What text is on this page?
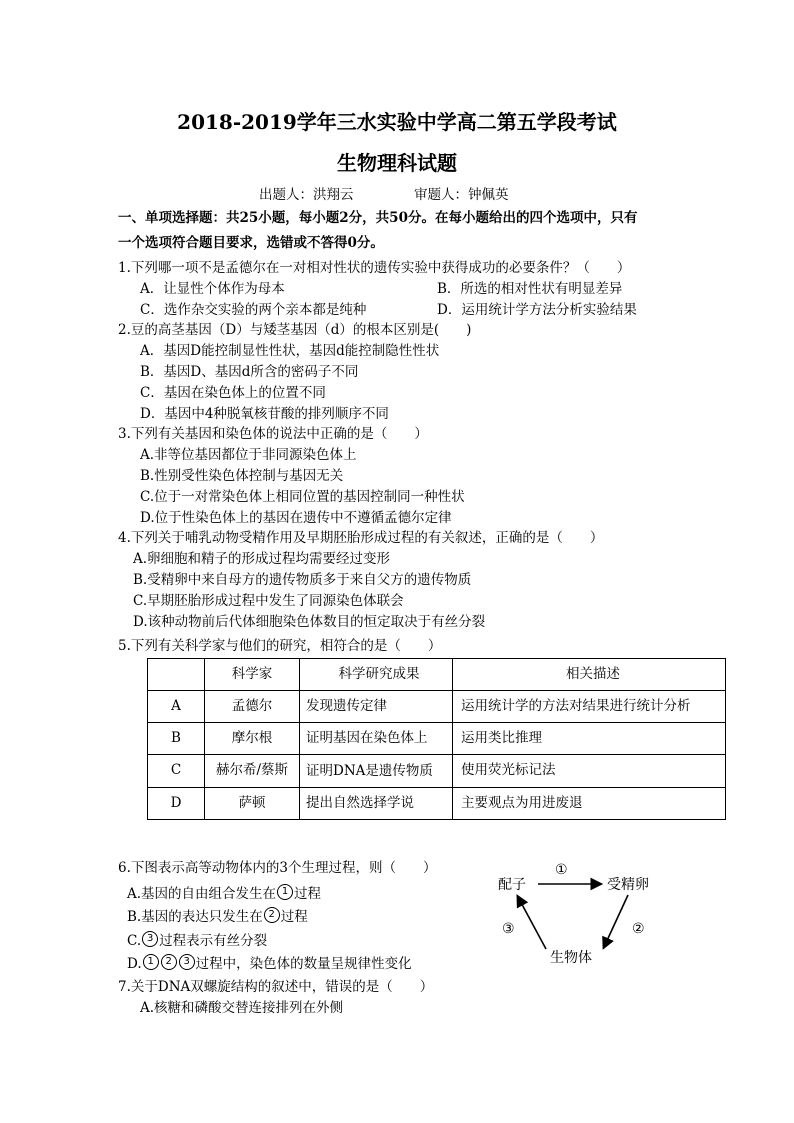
2018-2019学年三水实验中学高二第五学段考试
生物理科试题
出题人：洪翔云	审题人：钟佩英
一、单项选择题：共25小题，每小题2分，共50分。在每小题给出的四个选项中，只有
一个选项符合题目要求，选错或不答得0分。
1.下列哪一项不是孟德尔在一对相对性状的遗传实验中获得成功的必要条件？（　　）
A．让显性个体作为母本	B．所选的相对性状有明显差异
C．选作杂交实验的两个亲本都是纯种	D．运用统计学方法分析实验结果
2.豆的高茎基因（D）与矮茎基因（d）的根本区别是(　　)
A．基因D能控制显性性状，基因d能控制隐性性状
B．基因D、基因d所含的密码子不同
C．基因在染色体上的位置不同
D．基因中4种脱氧核苷酸的排列顺序不同
3.下列有关基因和染色体的说法中正确的是（　　）
A.非等位基因都位于非同源染色体上
B.性别受性染色体控制与基因无关
C.位于一对常染色体上相同位置的基因控制同一种性状
D.位于性染色体上的基因在遗传中不遵循孟德尔定律
4.下列关于哺乳动物受精作用及早期胚胎形成过程的有关叙述，正确的是（　　）
A.卵细胞和精子的形成过程均需要经过变形
B.受精卵中来自母方的遗传物质多于来自父方的遗传物质
C.早期胚胎形成过程中发生了同源染色体联会
D.该种动物前后代体细胞染色体数目的恒定取决于有丝分裂
5.下列有关科学家与他们的研究，相符合的是（　　）
	科学家	科学研究成果	相关描述
A	孟德尔	发现遗传定律	运用统计学的方法对结果进行统计分析
B	摩尔根	证明基因在染色体上	运用类比推理
C	赫尔希/蔡斯	证明DNA是遗传物质	使用荧光标记法
D	萨顿	提出自然选择学说	主要观点为用进废退
6.下图表示高等动物体内的3个生理过程，则（　　）
A.基因的自由组合发生在 1 过程
B.基因的表达只发生在 2 过程
C. 3 过程表示有丝分裂
D. 1 2 3 过程中，染色体的数量呈规律性变化
配子	受精卵
生物体
①
②
③
7.关于DNA双螺旋结构的叙述中，错误的是（　　）
A.核糖和磷酸交替连接排列在外侧
